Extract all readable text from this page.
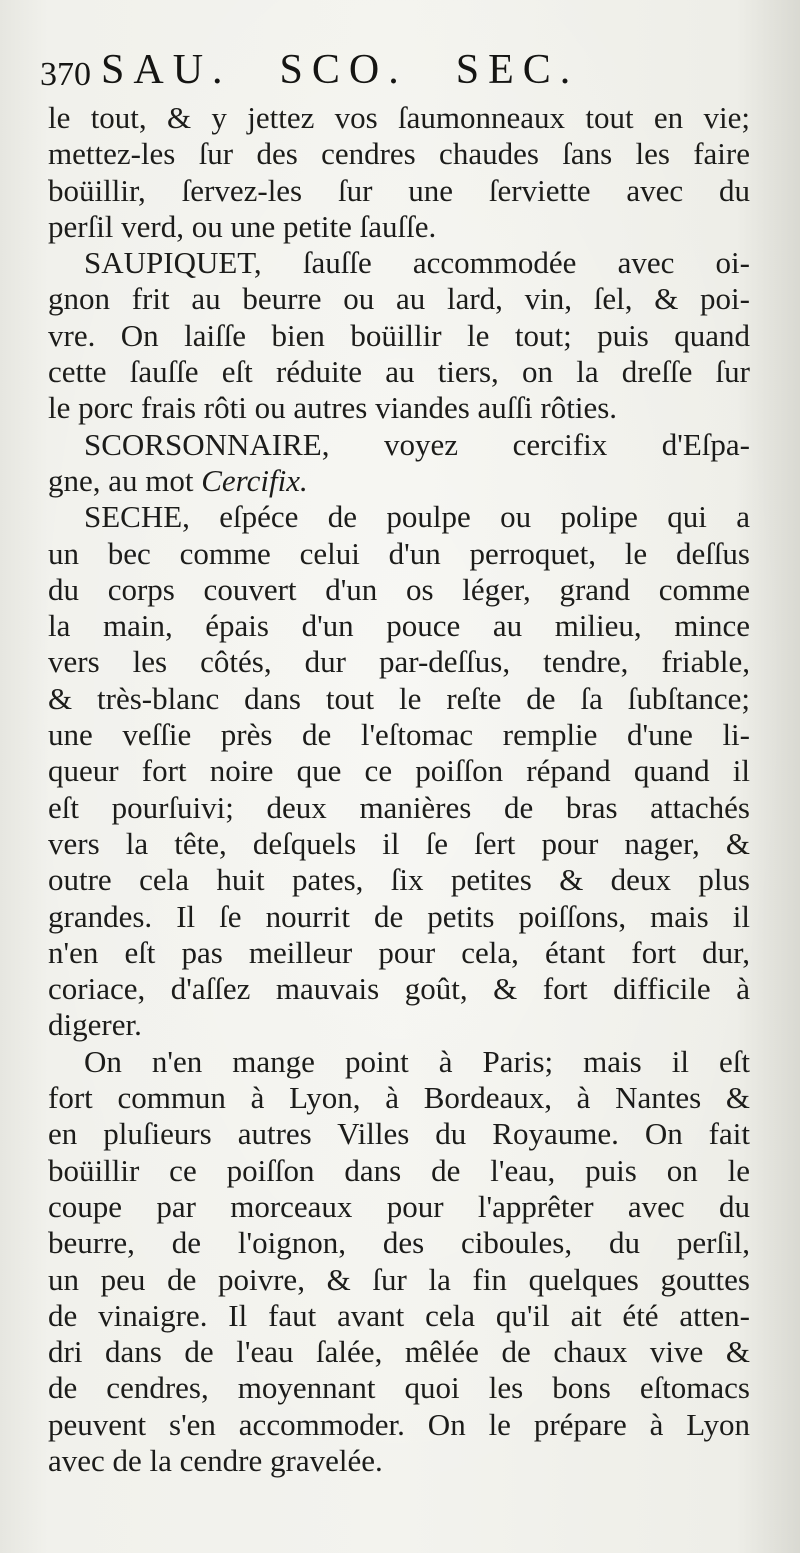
370 SAU. SCO. SEC.
le tout, & y jettez vos ſaumonneaux tout en vie;
mettez-les ſur des cendres chaudes ſans les faire
boüillir, ſervez-les ſur une ſerviette avec du
perſil verd, ou une petite ſauſſe.
SAUPIQUET, ſauſſe accommodée avec oi-
gnon frit au beurre ou au lard, vin, ſel, & poi-
vre. On laiſſe bien boüillir le tout; puis quand
cette ſauſſe eſt réduite au tiers, on la dreſſe ſur
le porc frais rôti ou autres viandes auſſi rôties.
SCORSONNAIRE, voyez cercifix d'Eſpa-
gne, au mot Cercifix.
SECHE, eſpéce de poulpe ou polipe qui a
un bec comme celui d'un perroquet, le deſſus
du corps couvert d'un os léger, grand comme
la main, épais d'un pouce au milieu, mince
vers les côtés, dur par-deſſus, tendre, friable,
& très-blanc dans tout le reſte de ſa ſubſtance;
une veſſie près de l'eſtomac remplie d'une li-
queur fort noire que ce poiſſon répand quand il
eſt pourſuivi; deux manières de bras attachés
vers la tête, deſquels il ſe ſert pour nager, &
outre cela huit pates, ſix petites & deux plus
grandes. Il ſe nourrit de petits poiſſons, mais il
n'en eſt pas meilleur pour cela, étant fort dur,
coriace, d'aſſez mauvais goût, & fort difficile à
digerer.
On n'en mange point à Paris; mais il eſt
fort commun à Lyon, à Bordeaux, à Nantes &
en pluſieurs autres Villes du Royaume. On fait
boüillir ce poiſſon dans de l'eau, puis on le
coupe par morceaux pour l'apprêter avec du
beurre, de l'oignon, des ciboules, du perſil,
un peu de poivre, & ſur la fin quelques gouttes
de vinaigre. Il faut avant cela qu'il ait été atten-
dri dans de l'eau ſalée, mêlée de chaux vive &
de cendres, moyennant quoi les bons eſtomacs
peuvent s'en accommoder. On le prépare à Lyon
avec de la cendre gravelée.
